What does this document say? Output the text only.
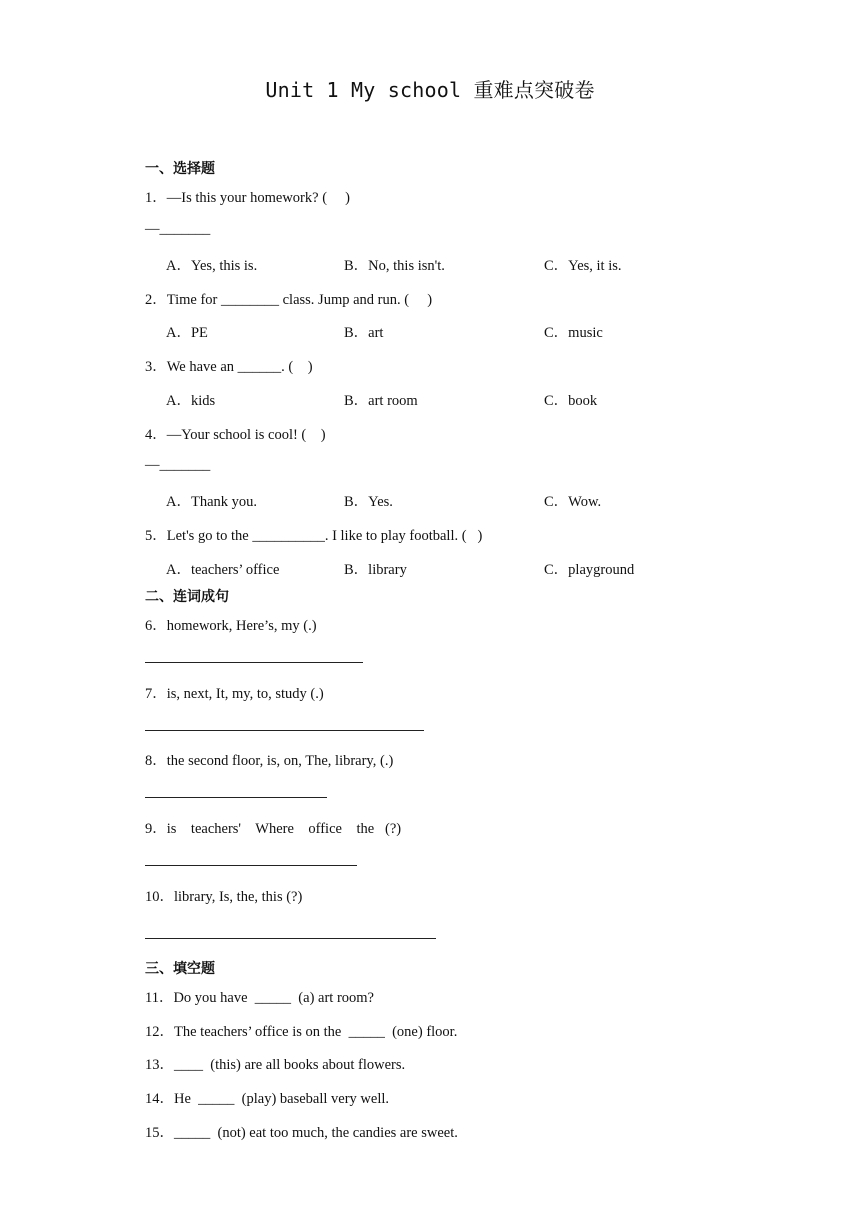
Unit 1 My school 重难点突破卷
一、选择题
1．—Is this your homework? (     )
—_______
A．Yes, this is.	B．No, this isn't.	C．Yes, it is.
2．Time for ________ class. Jump and run. (     )
A．PE	B．art	C．music
3．We have an ______. (    )
A．kids	B．art room	C．book
4．—Your school is cool! (    )
—_______
A．Thank you.	B．Yes.	C．Wow.
5．Let's go to the __________. I like to play football. (   )
A．teachers’ office	B．library	C．playground
二、连词成句
6．homework, Here’s, my (.)
7．is, next, It, my, to, study (.)
8．the second floor, is, on, The, library, (.)
9．is    teachers'    Where    office    the   (?)
10．library, Is, the, this (?)
三、填空题
11．Do you have  _____  (a) art room?
12．The teachers’ office is on the  _____  (one) floor.
13．____  (this) are all books about flowers.
14．He  _____  (play) baseball very well.
15．_____  (not) eat too much, the candies are sweet.
